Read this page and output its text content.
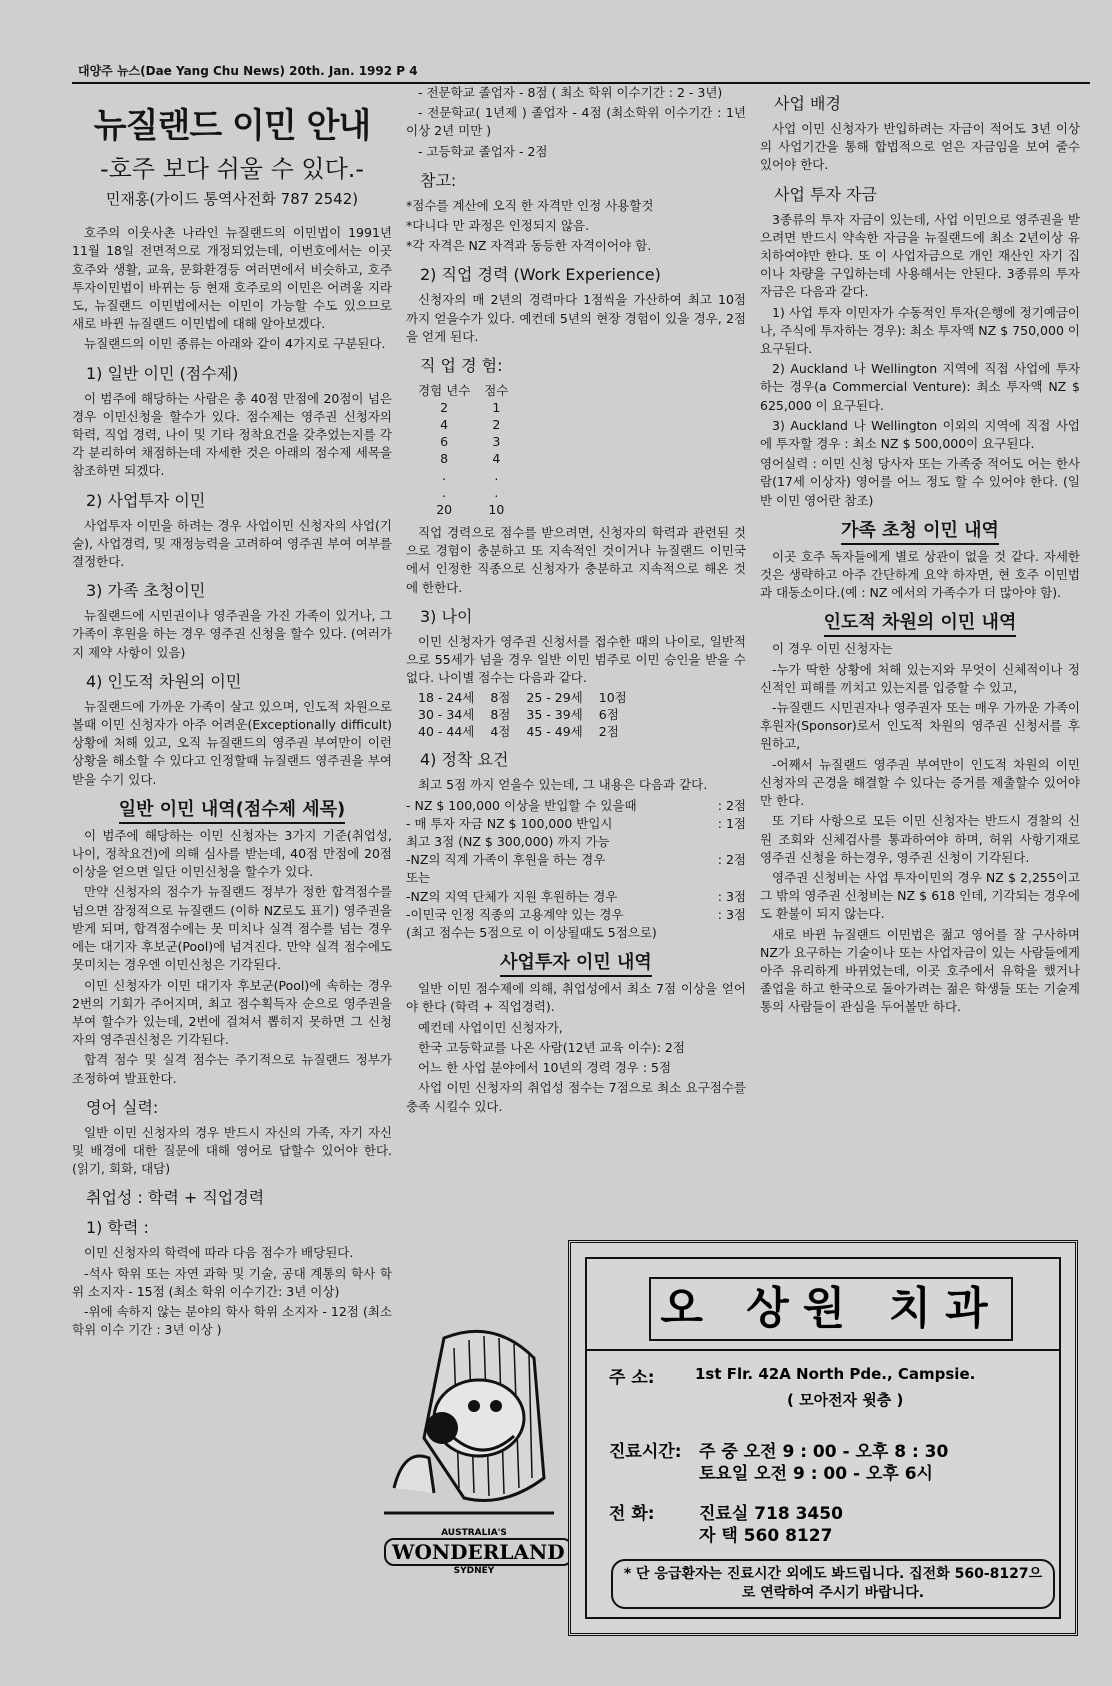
대양주 뉴스(Dae Yang Chu News) 20th. Jan. 1992 P 4
뉴질랜드 이민 안내
-호주 보다 쉬울 수 있다.-
민재홍(가이드 통역사전화 787 2542)

호주의 이웃사촌 나라인 뉴질랜드의 이민법이 1991년 11월 18일 전면적으로 개정되었는데, 이번호에서는 이곳 호주와 생활, 교육, 문화환경등 여러면에서 비슷하고, 호주 투자이민법이 바뀌는 등 현재 호주로의 이민은 어려울 지라도, 뉴질랜드 이민법에서는 이민이 가능할 수도 있으므로 새로 바뀐 뉴질랜드 이민법에 대해 알아보겠다.

뉴질랜드의 이민 종류는 아래와 같이 4가지로 구분된다.

1) 일반 이민 (점수제)

이 범주에 해당하는 사람은 총 40점 만점에 20점이 넘은 경우 이민신청을 할수가 있다. 점수제는 영주권 신청자의 학력, 직업 경력, 나이 및 기타 정착요건을 갖추었는지를 각각 분리하여 채점하는데 자세한 것은 아래의 점수제 세목을 참조하면 되겠다.

2) 사업투자 이민

사업투자 이민을 하려는 경우 사업이민 신청자의 사업(기술), 사업경력, 및 재정능력을 고려하여 영주권 부여 여부를 결정한다.

3) 가족 초청이민

뉴질랜드에 시민권이나 영주권을 가진 가족이 있거나, 그 가족이 후원을 하는 경우 영주권 신청을 할수 있다. (여러가지 제약 사항이 있음)

4) 인도적 차원의 이민

뉴질랜드에 가까운 가족이 살고 있으며, 인도적 차원으로 볼때 이민 신청자가 아주 어려운(Exceptionally difficult)상황에 처해 있고, 오직 뉴질랜드의 영주권 부여만이 이런 상황을 해소할 수 있다고 인정할때 뉴질랜드 영주권을 부여 받을 수기 있다.

일반 이민 내역(점수제 세목)

이 범주에 해당하는 이민 신청자는 3가지 기준(취업성, 나이, 정착요건)에 의해 심사를 받는데, 40점 만점에 20점 이상을 얻으면 일단 이민신청을 할수가 있다.

만약 신청자의 점수가 뉴질랜드 정부가 정한 합격점수를 넘으면 잠정적으로 뉴질랜드 (이하 NZ로도 표기) 영주권을 받게 되며, 합격점수에는 못 미치나 실격 점수를 넘는 경우에는 대기자 후보군(Pool)에 넘겨진다. 만약 실격 점수에도 못미치는 경우엔 이민신청은 기각된다.

이민 신청자가 이민 대기자 후보군(Pool)에 속하는 경우 2번의 기회가 주어지며, 최고 점수획득자 순으로 영주권을 부여 할수가 있는데, 2번에 걸쳐서 뽑히지 못하면 그 신청자의 영주권신청은 기각된다.

합격 점수 및 실격 점수는 주기적으로 뉴질랜드 정부가 조정하여 발표한다.

영어 실력:

일반 이민 신청자의 경우 반드시 자신의 가족, 자기 자신 및 배경에 대한 질문에 대해 영어로 답할수 있어야 한다. (읽기, 회화, 대담)

취업성 : 학력 + 직업경력
1) 학력 :

이민 신청자의 학력에 따라 다음 점수가 배당된다.

-석사 학위 또는 자연 과학 및 기술, 공대 계통의 학사 학위 소지자 - 15점 (최소 학위 이수기간: 3년 이상)

-위에 속하지 않는 분야의 학사 학위 소지자 - 12점 (최소 학위 이수 기간 : 3년 이상 )

- 전문학교 졸업자 - 8점 ( 최소 학위 이수기간 : 2 - 3년)

- 전문학교( 1년제 ) 졸업자 - 4점 (최소학위 이수기간 : 1년 이상 2년 미만 )

- 고등학교 졸업자 - 2점

참고:

*점수를 계산에 오직 한 자격만 인정 사용할것

*다니다 만 과정은 인정되지 않음.

*각 자격은 NZ 자격과 동등한 자격이어야 함.

2) 직업 경력 (Work Experience)

신청자의 매 2년의 경력마다 1점씩을 가산하여 최고 10점 까지 얻을수가 있다. 예컨데 5년의 현장 경험이 있을 경우, 2점을 얻게 된다.

직 업 경 험:
경험 년수	점수
2	1
4	2
6	3
8	4
.	.
.	.
20	10

직업 경력으로 점수를 받으려면, 신청자의 학력과 관련된 것으로 경험이 충분하고 또 지속적인 것이거나 뉴질랜드 이민국에서 인정한 직종으로 신청자가 충분하고 지속적으로 해온 것에 한한다.

3) 나이

이민 신청자가 영주권 신청서를 접수한 때의 나이로, 일반적으로 55세가 넘을 경우 일반 이민 범주로 이민 승인을 받을 수 없다. 나이별 점수는 다음과 같다.

18 - 24세	8점	25 - 29세	10점
30 - 34세	8점	35 - 39세	6점
40 - 44세	4점	45 - 49세	2점
4) 정착 요건

최고 5점 까지 얻을수 있는데, 그 내용은 다음과 같다.

- NZ $ 100,000 이상을 반입할 수 있을때	: 2점
- 매 투자 자금 NZ $ 100,000 반입시	: 1점
최고 3점 (NZ $ 300,000) 까지 가능
-NZ의 직계 가족이 후원을 하는 경우	: 2점
또는
-NZ의 지역 단체가 지원 후원하는 경우	: 3점
-이민국 인정 직종의 고용계약 있는 경우	: 3점

(최고 점수는 5점으로 이 이상될때도 5점으로)

사업투자 이민 내역

일반 이민 점수제에 의해, 취업성에서 최소 7점 이상을 얻어야 한다 (학력 + 직업경력).

예컨데 사업이민 신청자가,

한국 고등학교를 나온 사람(12년 교육 이수): 2점

어느 한 사업 분야에서 10년의 경력 경우 : 5점

사업 이민 신청자의 취업성 점수는 7점으로 최소 요구점수를 충족 시킬수 있다.

사업 배경

사업 이민 신청자가 반입하려는 자금이 적어도 3년 이상의 사업기간을 통해 합법적으로 얻은 자금임을 보여 줄수 있어야 한다.

사업 투자 자금

3종류의 투자 자금이 있는데, 사업 이민으로 영주권을 받으려면 반드시 약속한 자금을 뉴질랜드에 최소 2년이상 유치하여야만 한다. 또 이 사업자금으로 개인 재산인 자기 집이나 차량을 구입하는데 사용해서는 안된다. 3종류의 투자 자금은 다음과 같다.

1) 사업 투자 이민자가 수동적인 투자(은행에 정기예금이나, 주식에 투자하는 경우): 최소 투자액 NZ $ 750,000 이 요구된다.

2) Auckland 나 Wellington 지역에 직접 사업에 투자하는 경우(a Commercial Venture): 최소 투자액 NZ $ 625,000 이 요구된다.

3) Auckland 나 Wellington 이외의 지역에 직접 사업에 투자할 경우 : 최소 NZ $ 500,000이 요구된다.

영어실력 : 이민 신청 당사자 또는 가족중 적어도 어는 한사람(17세 이상자) 영어를 어느 정도 할 수 있어야 한다. (일반 이민 영어란 참조)

가족 초청 이민 내역

이곳 호주 독자들에게 별로 상관이 없을 것 같다. 자세한 것은 생략하고 아주 간단하게 요약 하자면, 현 호주 이민법과 대동소이다.(예 : NZ 에서의 가족수가 더 많아야 함).

인도적 차원의 이민 내역

이 경우 이민 신청자는

-누가 딱한 상황에 처해 있는지와 무엇이 신체적이나 정신적인 피해를 끼치고 있는지를 입증할 수 있고,

-뉴질랜드 시민권자나 영주권자 또는 매우 가까운 가족이 후원자(Sponsor)로서 인도적 차원의 영주권 신청서를 후원하고,

-어째서 뉴질랜드 영주권 부여만이 인도적 차원의 이민 신청자의 곤경을 해결할 수 있다는 증거를 제출할수 있어야 만 한다.

또 기타 사항으로 모든 이민 신청자는 반드시 경찰의 신원 조회와 신체검사를 통과하여야 하며, 허위 사항기재로 영주권 신청을 하는경우, 영주권 신청이 기각된다.

영주권 신청비는 사업 투자이민의 경우 NZ $ 2,255이고 그 밖의 영주권 신청비는 NZ $ 618 인데, 기각되는 경우에도 환불이 되지 않는다.

새로 바뀐 뉴질랜드 이민법은 젊고 영어를 잘 구사하며 NZ가 요구하는 기술이나 또는 사업자금이 있는 사람들에게 아주 유리하게 바뀌었는데, 이곳 호주에서 유학을 했거나 졸업을 하고 한국으로 돌아가려는 젊은 학생들 또는 기술계통의 사람들이 관심을 두어볼만 하다.

AUSTRALIA'S
WONDERLAND
SYDNEY
오 상원 치과
주 소:	1st Flr. 42A North Pde., Campsie.
( 모아전자 윗층 )
진료시간: 주 중 오전 9 : 00 - 오후 8 : 30
토요일 오전 9 : 00 - 오후 6시
전 화:	진료실 718 3450
자 택 560 8127
* 단 응급환자는 진료시간 외에도 봐드립니다. 집전화 560-8127으로 연락하여 주시기 바랍니다.
